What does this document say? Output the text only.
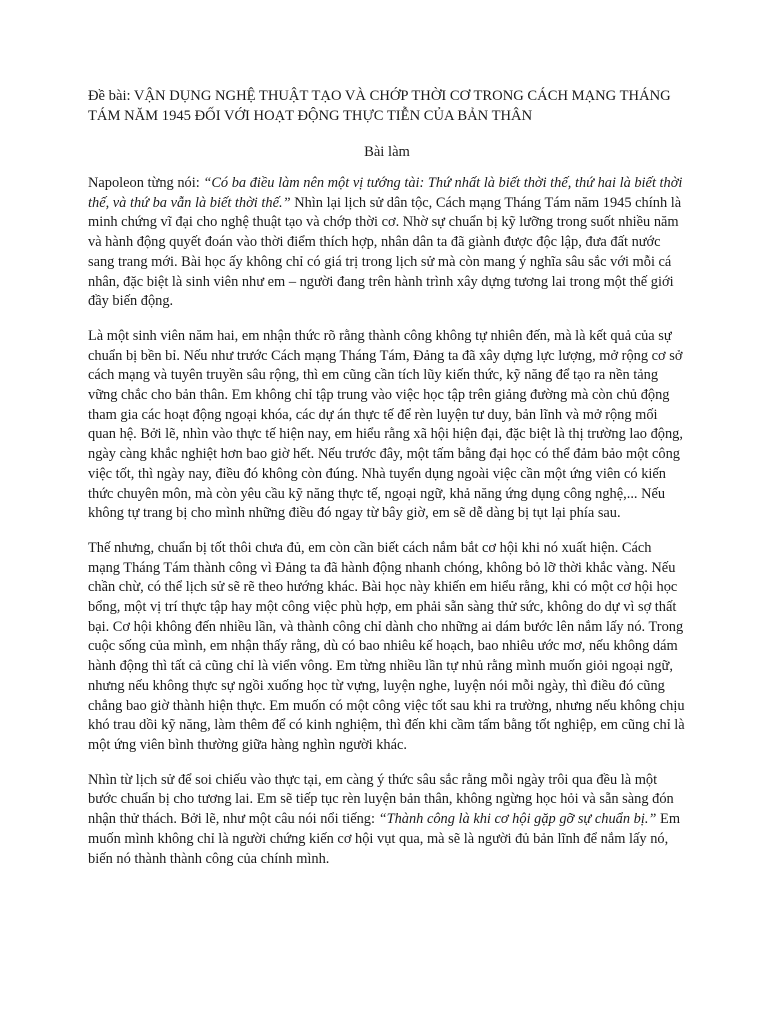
Đề bài: VẬN DỤNG NGHỆ THUẬT TẠO VÀ CHỚP THỜI CƠ TRONG CÁCH MẠNG THÁNG TÁM NĂM 1945 ĐỐI VỚI HOẠT ĐỘNG THỰC TIỄN CỦA BẢN THÂN

Bài làm

Napoleon từng nói: “Có ba điều làm nên một vị tướng tài: Thứ nhất là biết thời thế, thứ hai là biết thời thế, và thứ ba vẫn là biết thời thế.” Nhìn lại lịch sử dân tộc, Cách mạng Tháng Tám năm 1945 chính là minh chứng vĩ đại cho nghệ thuật tạo và chớp thời cơ. Nhờ sự chuẩn bị kỹ lưỡng trong suốt nhiều năm và hành động quyết đoán vào thời điểm thích hợp, nhân dân ta đã giành được độc lập, đưa đất nước sang trang mới. Bài học ấy không chỉ có giá trị trong lịch sử mà còn mang ý nghĩa sâu sắc với mỗi cá nhân, đặc biệt là sinh viên như em – người đang trên hành trình xây dựng tương lai trong một thế giới đầy biến động.

Là một sinh viên năm hai, em nhận thức rõ rằng thành công không tự nhiên đến, mà là kết quả của sự chuẩn bị bền bỉ. Nếu như trước Cách mạng Tháng Tám, Đảng ta đã xây dựng lực lượng, mở rộng cơ sở cách mạng và tuyên truyền sâu rộng, thì em cũng cần tích lũy kiến thức, kỹ năng để tạo ra nền tảng vững chắc cho bản thân. Em không chỉ tập trung vào việc học tập trên giảng đường mà còn chủ động tham gia các hoạt động ngoại khóa, các dự án thực tế để rèn luyện tư duy, bản lĩnh và mở rộng mối quan hệ. Bởi lẽ, nhìn vào thực tế hiện nay, em hiểu rằng xã hội hiện đại, đặc biệt là thị trường lao động, ngày càng khắc nghiệt hơn bao giờ hết. Nếu trước đây, một tấm bằng đại học có thể đảm bảo một công việc tốt, thì ngày nay, điều đó không còn đúng. Nhà tuyển dụng ngoài việc cần một ứng viên có kiến thức chuyên môn, mà còn yêu cầu kỹ năng thực tế, ngoại ngữ, khả năng ứng dụng công nghệ,... Nếu không tự trang bị cho mình những điều đó ngay từ bây giờ, em sẽ dễ dàng bị tụt lại phía sau.

Thế nhưng, chuẩn bị tốt thôi chưa đủ, em còn cần biết cách nắm bắt cơ hội khi nó xuất hiện. Cách mạng Tháng Tám thành công vì Đảng ta đã hành động nhanh chóng, không bỏ lỡ thời khắc vàng. Nếu chần chừ, có thể lịch sử sẽ rẽ theo hướng khác. Bài học này khiến em hiểu rằng, khi có một cơ hội học bổng, một vị trí thực tập hay một công việc phù hợp, em phải sẵn sàng thử sức, không do dự vì sợ thất bại. Cơ hội không đến nhiều lần, và thành công chỉ dành cho những ai dám bước lên nắm lấy nó. Trong cuộc sống của mình, em nhận thấy rằng, dù có bao nhiêu kế hoạch, bao nhiêu ước mơ, nếu không dám hành động thì tất cả cũng chỉ là viển vông. Em từng nhiều lần tự nhủ rằng mình muốn giỏi ngoại ngữ, nhưng nếu không thực sự ngồi xuống học từ vựng, luyện nghe, luyện nói mỗi ngày, thì điều đó cũng chẳng bao giờ thành hiện thực. Em muốn có một công việc tốt sau khi ra trường, nhưng nếu không chịu khó trau dồi kỹ năng, làm thêm để có kinh nghiệm, thì đến khi cầm tấm bằng tốt nghiệp, em cũng chỉ là một ứng viên bình thường giữa hàng nghìn người khác.

Nhìn từ lịch sử để soi chiếu vào thực tại, em càng ý thức sâu sắc rằng mỗi ngày trôi qua đều là một bước chuẩn bị cho tương lai. Em sẽ tiếp tục rèn luyện bản thân, không ngừng học hỏi và sẵn sàng đón nhận thử thách. Bởi lẽ, như một câu nói nổi tiếng: “Thành công là khi cơ hội gặp gỡ sự chuẩn bị.” Em muốn mình không chỉ là người chứng kiến cơ hội vụt qua, mà sẽ là người đủ bản lĩnh để nắm lấy nó, biến nó thành thành công của chính mình.
